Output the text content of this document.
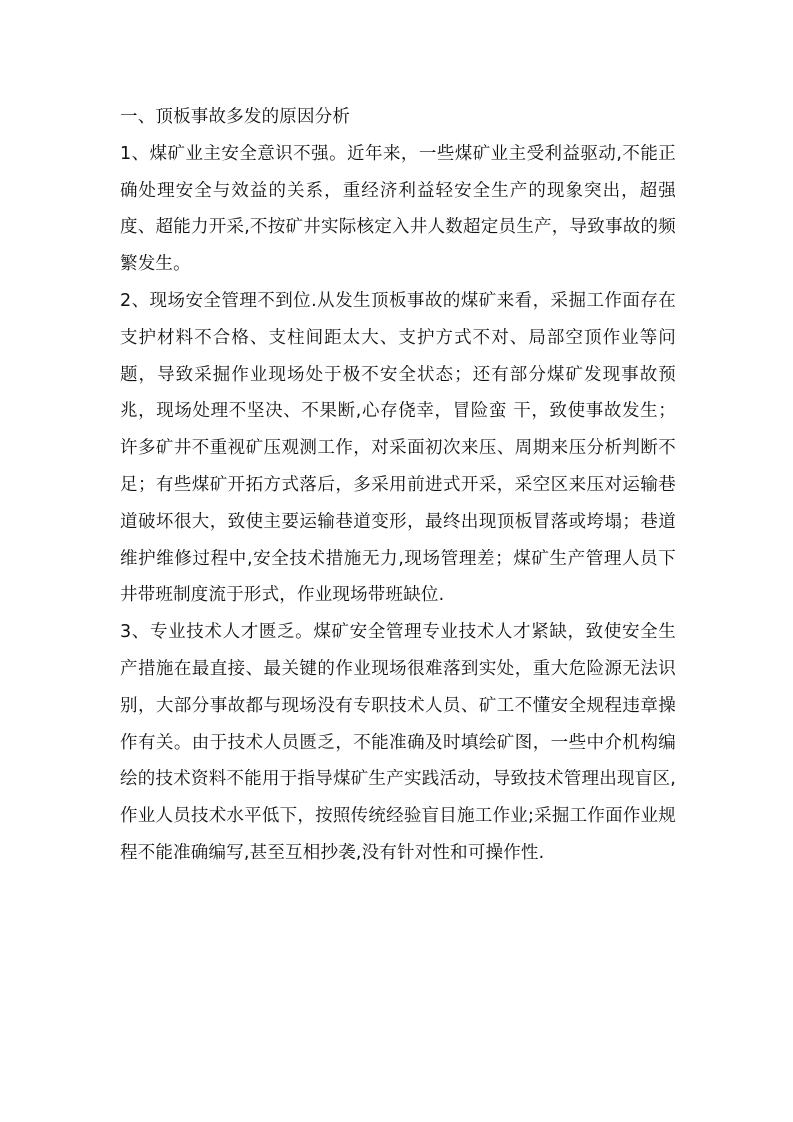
一、顶板事故多发的原因分析

1、煤矿业主安全意识不强。近年来，一些煤矿业主受利益驱动,不能正确处理安全与效益的关系，重经济利益轻安全生产的现象突出，超强度、超能力开采,不按矿井实际核定入井人数超定员生产，导致事故的频繁发生。

2、现场安全管理不到位.从发生顶板事故的煤矿来看，采掘工作面存在支护材料不合格、支柱间距太大、支护方式不对、局部空顶作业等问题，导致采掘作业现场处于极不安全状态；还有部分煤矿发现事故预兆，现场处理不坚决、不果断,心存侥幸，冒险蛮 干，致使事故发生；许多矿井不重视矿压观测工作，对采面初次来压、周期来压分析判断不足；有些煤矿开拓方式落后，多采用前进式开采，采空区来压对运输巷道破坏很大，致使主要运输巷道变形，最终出现顶板冒落或垮塌；巷道维护维修过程中,安全技术措施无力,现场管理差；煤矿生产管理人员下井带班制度流于形式，作业现场带班缺位.

3、专业技术人才匮乏。煤矿安全管理专业技术人才紧缺，致使安全生产措施在最直接、最关键的作业现场很难落到实处，重大危险源无法识别，大部分事故都与现场没有专职技术人员、矿工不懂安全规程违章操作有关。由于技术人员匮乏，不能准确及时填绘矿图，一些中介机构编绘的技术资料不能用于指导煤矿生产实践活动，导致技术管理出现盲区,作业人员技术水平低下，按照传统经验盲目施工作业;采掘工作面作业规程不能准确编写,甚至互相抄袭,没有针对性和可操作性.
